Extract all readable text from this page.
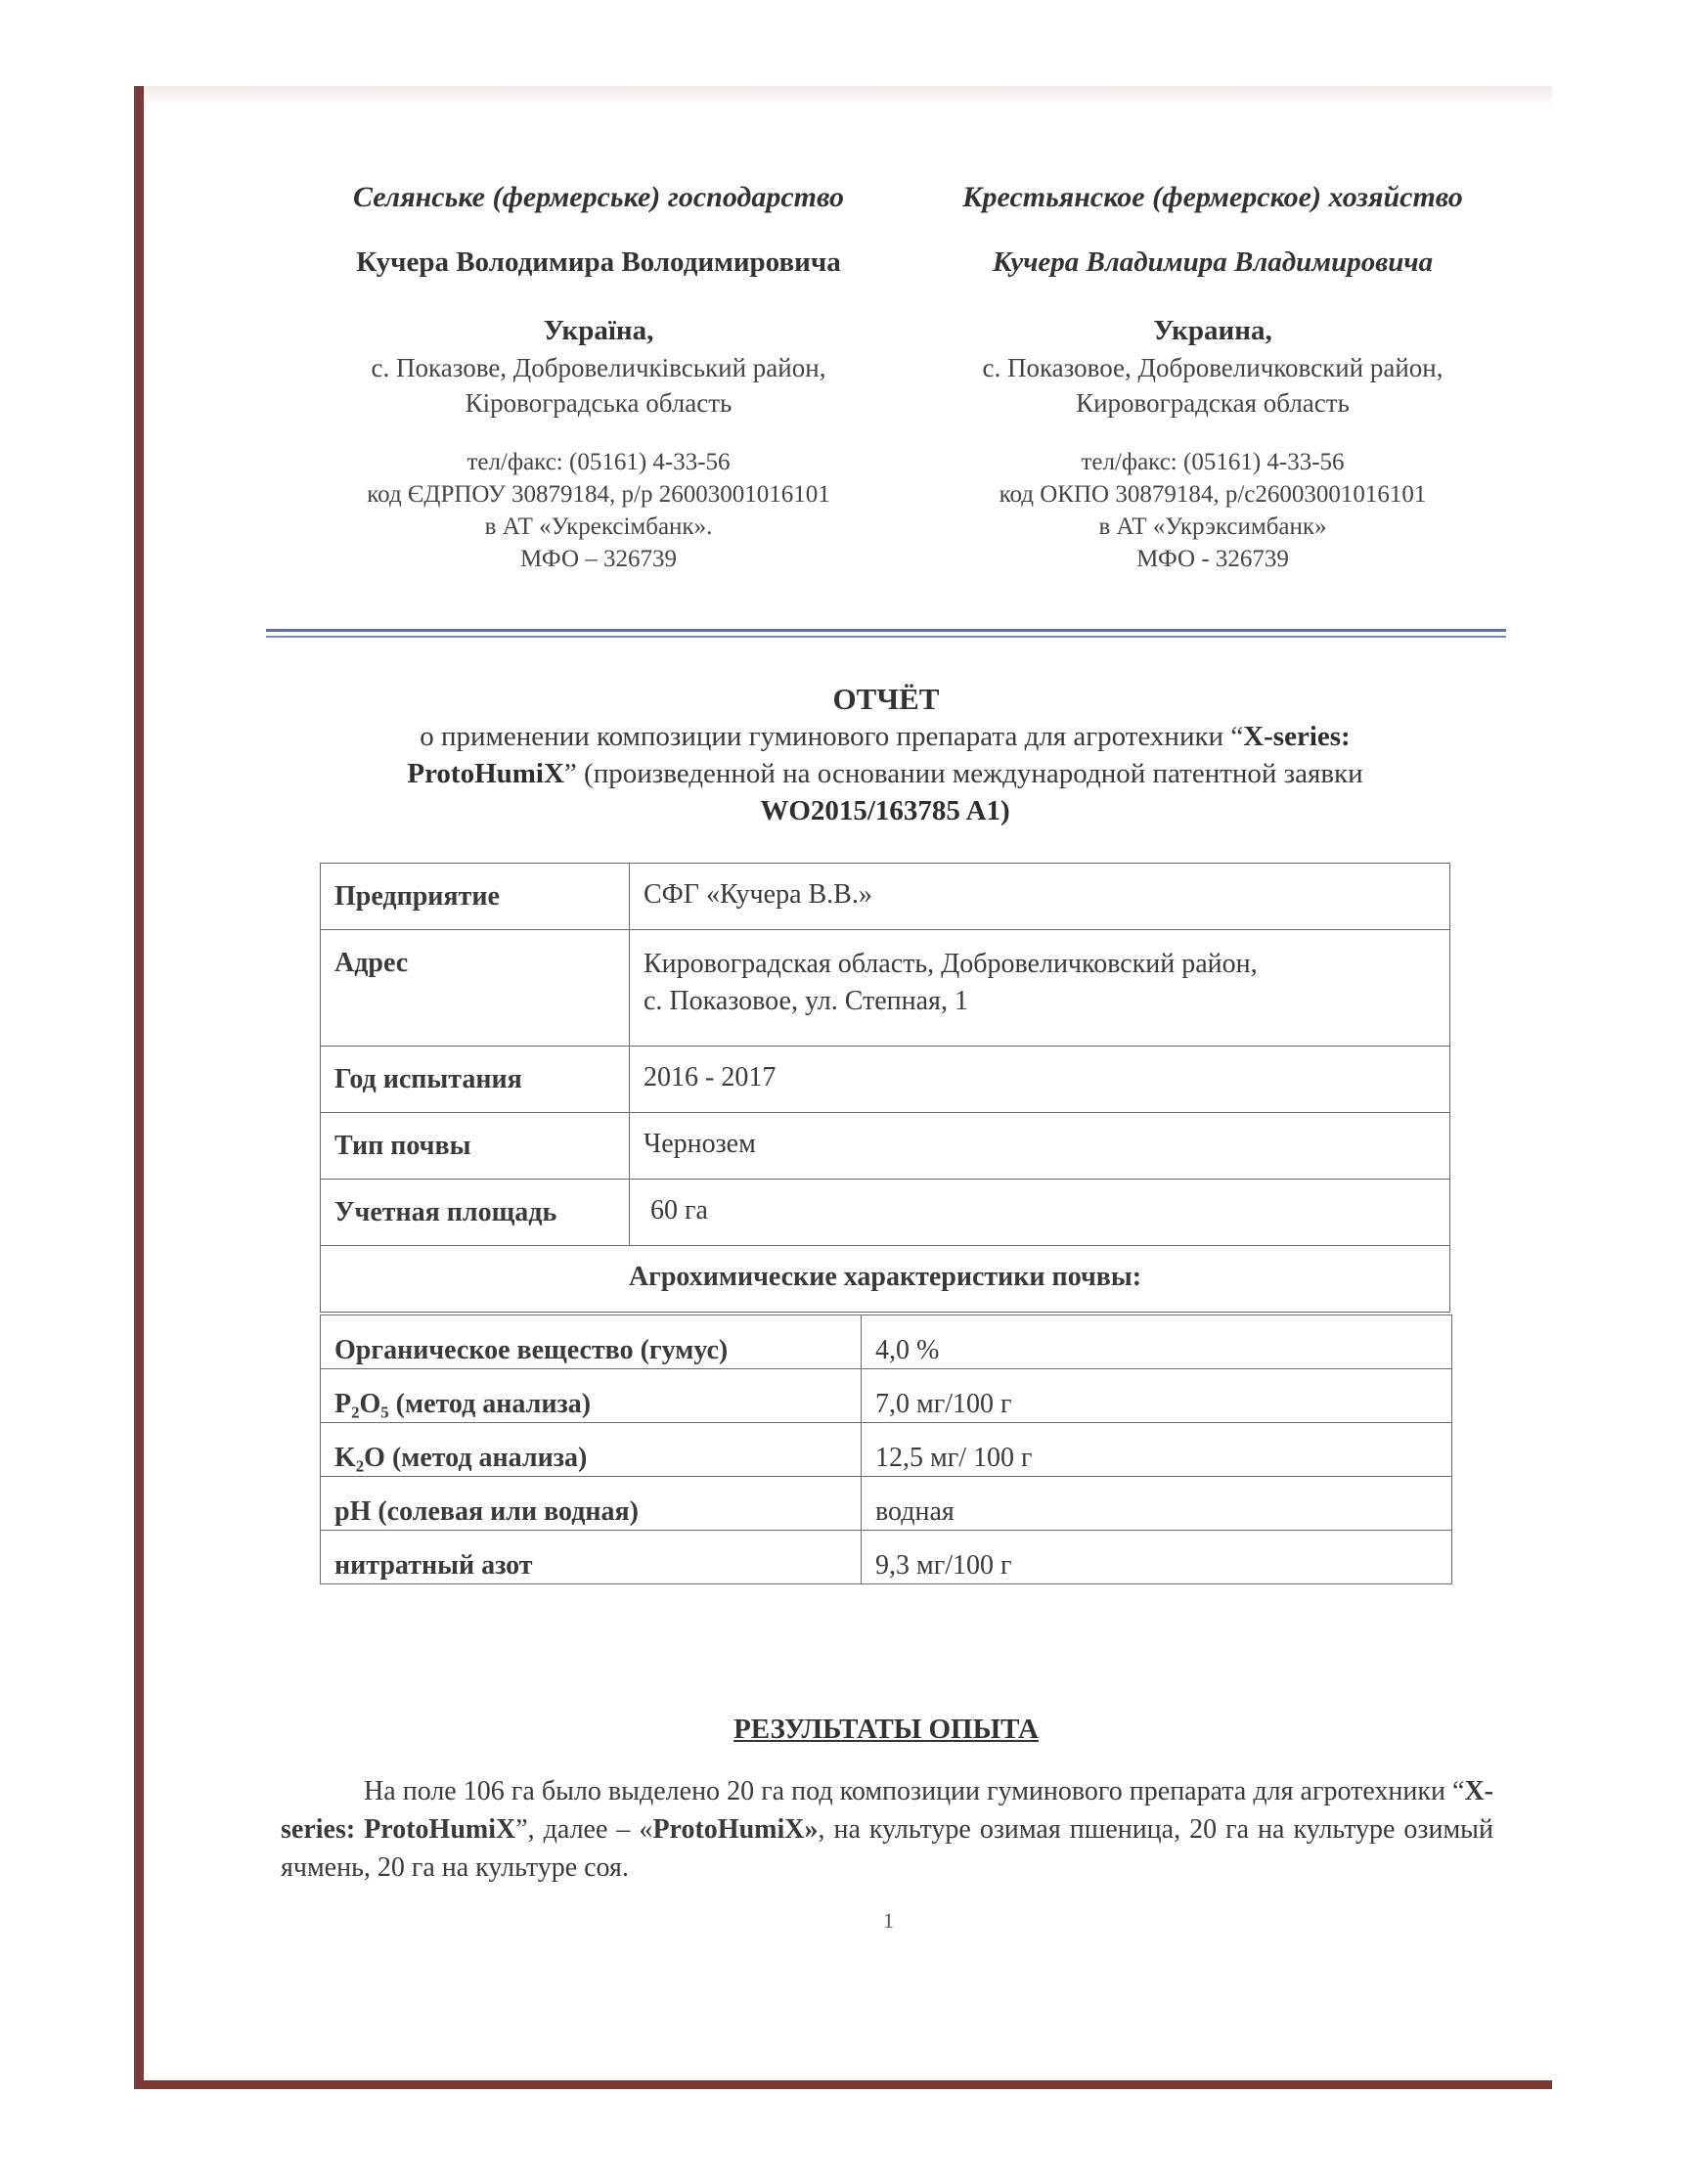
Селянське (фермерське) господарство
Кучера Володимира Володимировича
Україна,
с. Показове, Добровеличківський район,
Кіровоградська область
тел/факс: (05161) 4-33-56
код ЄДРПОУ 30879184, р/р 26003001016101
в АТ «Укрексімбанк».
МФО – 326739
Крестьянское (фермерское) хозяйство
Кучера Владимира Владимировича
Украина,
с. Показовое, Добровеличковский район,
Кировоградская область
тел/факс: (05161) 4-33-56
код ОКПО 30879184, р/с26003001016101
в АТ «Укрэксимбанк»
МФО - 326739
ОТЧЁТ
о применении композиции гуминового препарата для агротехники “X-series:
ProtoHumiX” (произведенной на основании международной патентной заявки
WO2015/163785 A1)
Предприятие	СФГ «Кучера В.В.»
Адрес	Кировоградская область, Добровеличковский район,
с. Показовое, ул. Степная, 1

Год испытания	2016 - 2017
Тип почвы	Чернозем
Учетная площадь	60 га
Агрохимические характеристики почвы:	
Органическое вещество (гумус)	4,0 %
P₂O₅ (метод анализа)	7,0 мг/100 г
K₂O (метод анализа)	12,5 мг/ 100 г
pH (солевая или водная)	водная
нитратный азот	9,3 мг/100 г
РЕЗУЛЬТАТЫ ОПЫТА
На поле 106 га было выделено 20 га под композиции гуминового препарата для агротехники “X-series: ProtoHumiX”, далее – «ProtoHumiX», на культуре озимая пшеница, 20 га на культуре озимый ячмень, 20 га на культуре соя.
1
